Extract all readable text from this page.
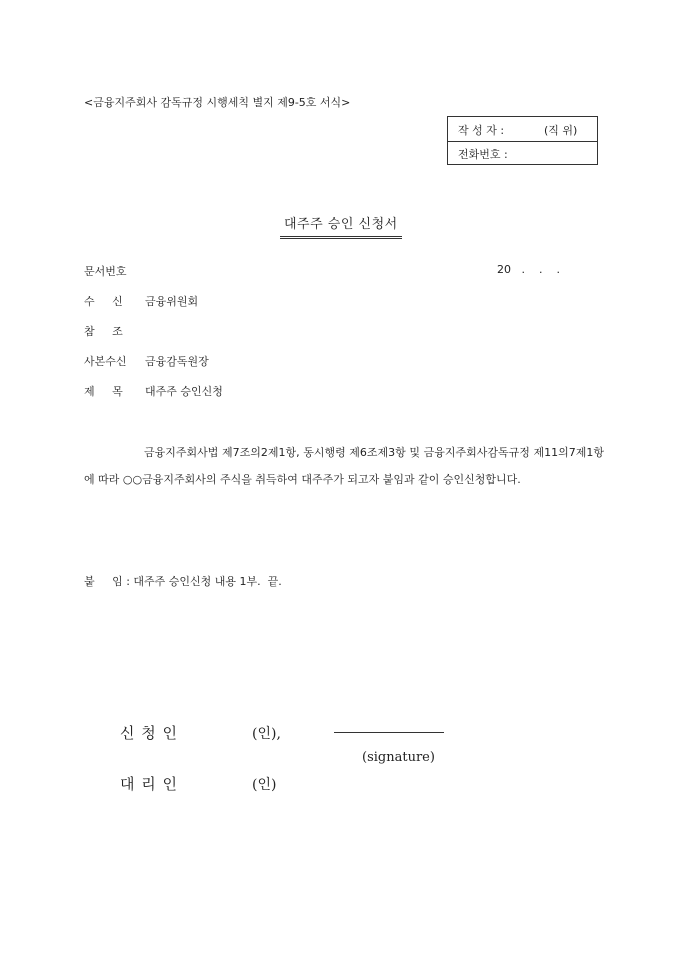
<금융지주회사 감독규정 시행세칙 별지 제9-5호 서식>
작 성 자 :	(직 위)
전화번호 :
대주주 승인 신청서
문서번호	20   .    .    .
수     신 금융위원회
참     조
사본수신 금융감독원장
제     목 대주주 승인신청
금융지주회사법 제7조의2제1항, 동시행령 제6조제3항 및 금융지주회사감독규정 제11의7제1항에 따라 ○○금융지주회사의 주식을 취득하여 대주주가 되고자 붙임과 같이 승인신청합니다.
붙     임 : 대주주 승인신청 내용 1부.  끝.
신 청 인	(인),
(signature)
대 리 인	(인)
